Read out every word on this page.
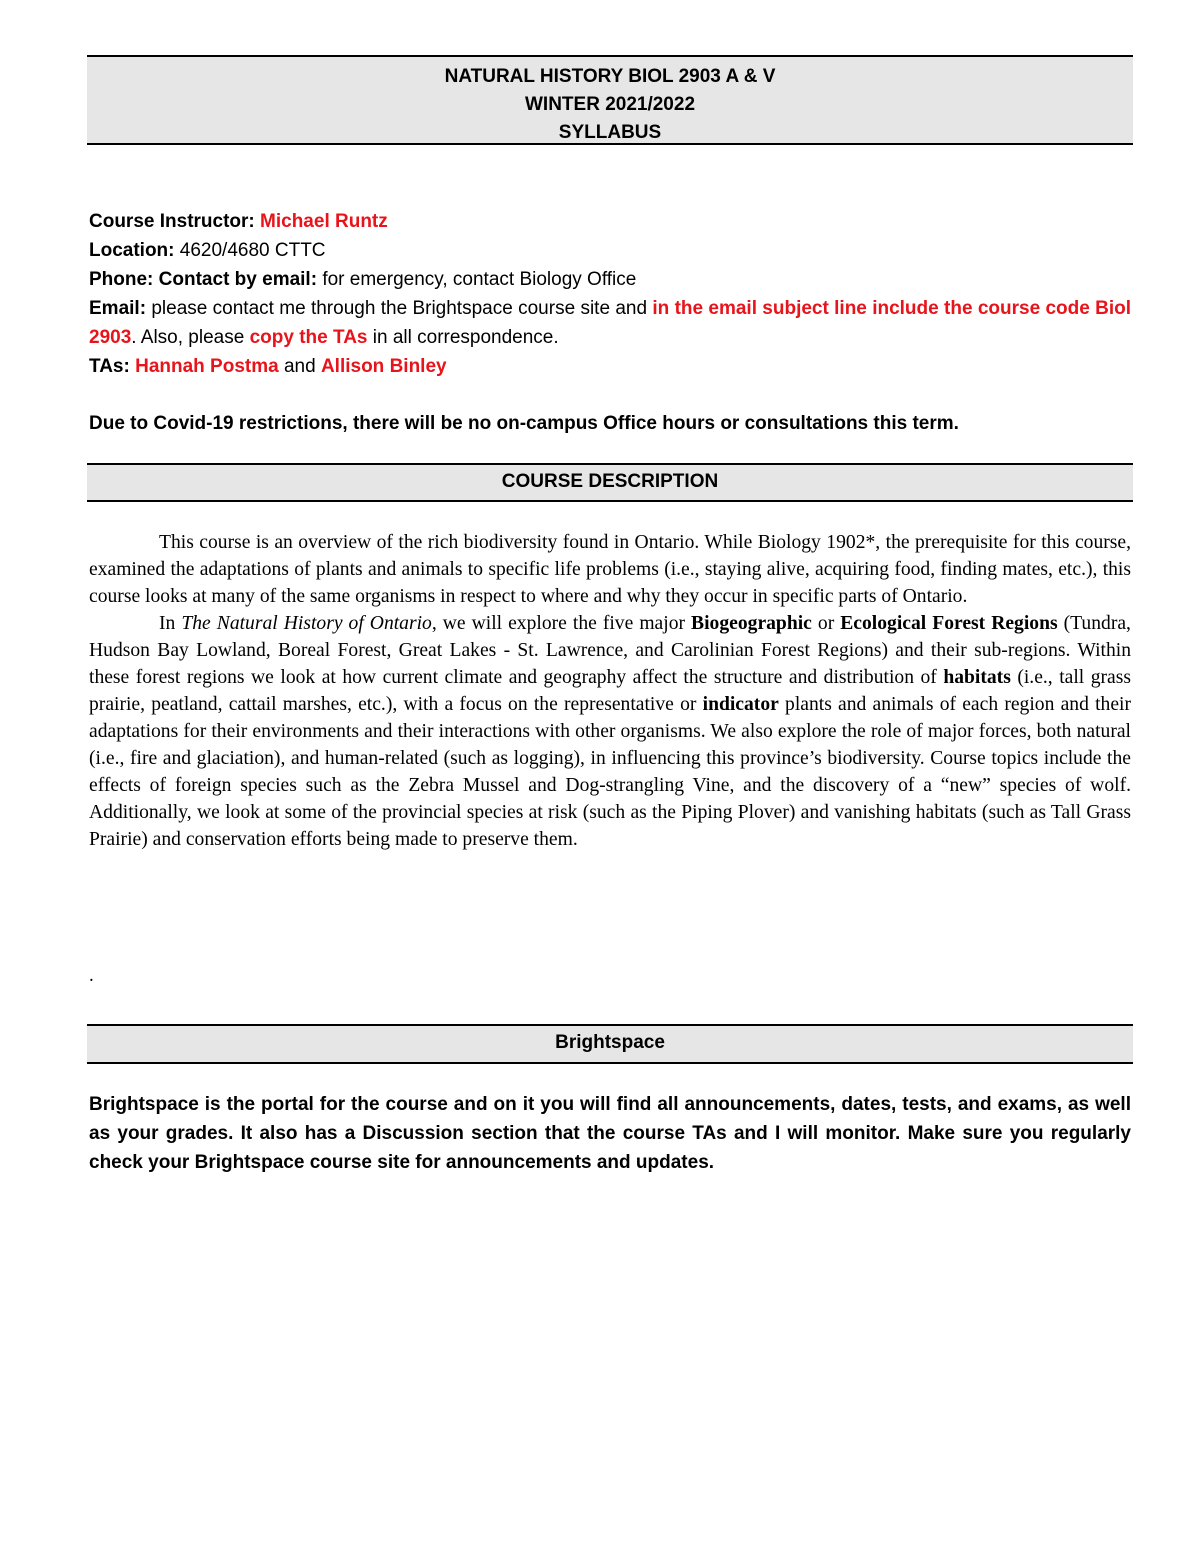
NATURAL HISTORY BIOL 2903 A & V
WINTER 2021/2022
SYLLABUS
Course Instructor: Michael Runtz
Location: 4620/4680 CTTC
Phone: Contact by email: for emergency, contact Biology Office
Email: please contact me through the Brightspace course site and in the email subject line include the course code Biol 2903. Also, please copy the TAs in all correspondence.
TAs: Hannah Postma and Allison Binley
Due to Covid-19 restrictions, there will be no on-campus Office hours or consultations this term.
COURSE DESCRIPTION

This course is an overview of the rich biodiversity found in Ontario. While Biology 1902*, the prerequisite for this course, examined the adaptations of plants and animals to specific life problems (i.e., staying alive, acquiring food, finding mates, etc.), this course looks at many of the same organisms in respect to where and why they occur in specific parts of Ontario.

In The Natural History of Ontario, we will explore the five major Biogeographic or Ecological Forest Regions (Tundra, Hudson Bay Lowland, Boreal Forest, Great Lakes - St. Lawrence, and Carolinian Forest Regions) and their sub-regions. Within these forest regions we look at how current climate and geography affect the structure and distribution of habitats (i.e., tall grass prairie, peatland, cattail marshes, etc.), with a focus on the representative or indicator plants and animals of each region and their adaptations for their environments and their interactions with other organisms. We also explore the role of major forces, both natural (i.e., fire and glaciation), and human-related (such as logging), in influencing this province’s biodiversity. Course topics include the effects of foreign species such as the Zebra Mussel and Dog-strangling Vine, and the discovery of a “new” species of wolf. Additionally, we look at some of the provincial species at risk (such as the Piping Plover) and vanishing habitats (such as Tall Grass Prairie) and conservation efforts being made to preserve them.

.
Brightspace
Brightspace is the portal for the course and on it you will find all announcements, dates, tests, and exams, as well as your grades. It also has a Discussion section that the course TAs and I will monitor. Make sure you regularly check your Brightspace course site for announcements and updates.
